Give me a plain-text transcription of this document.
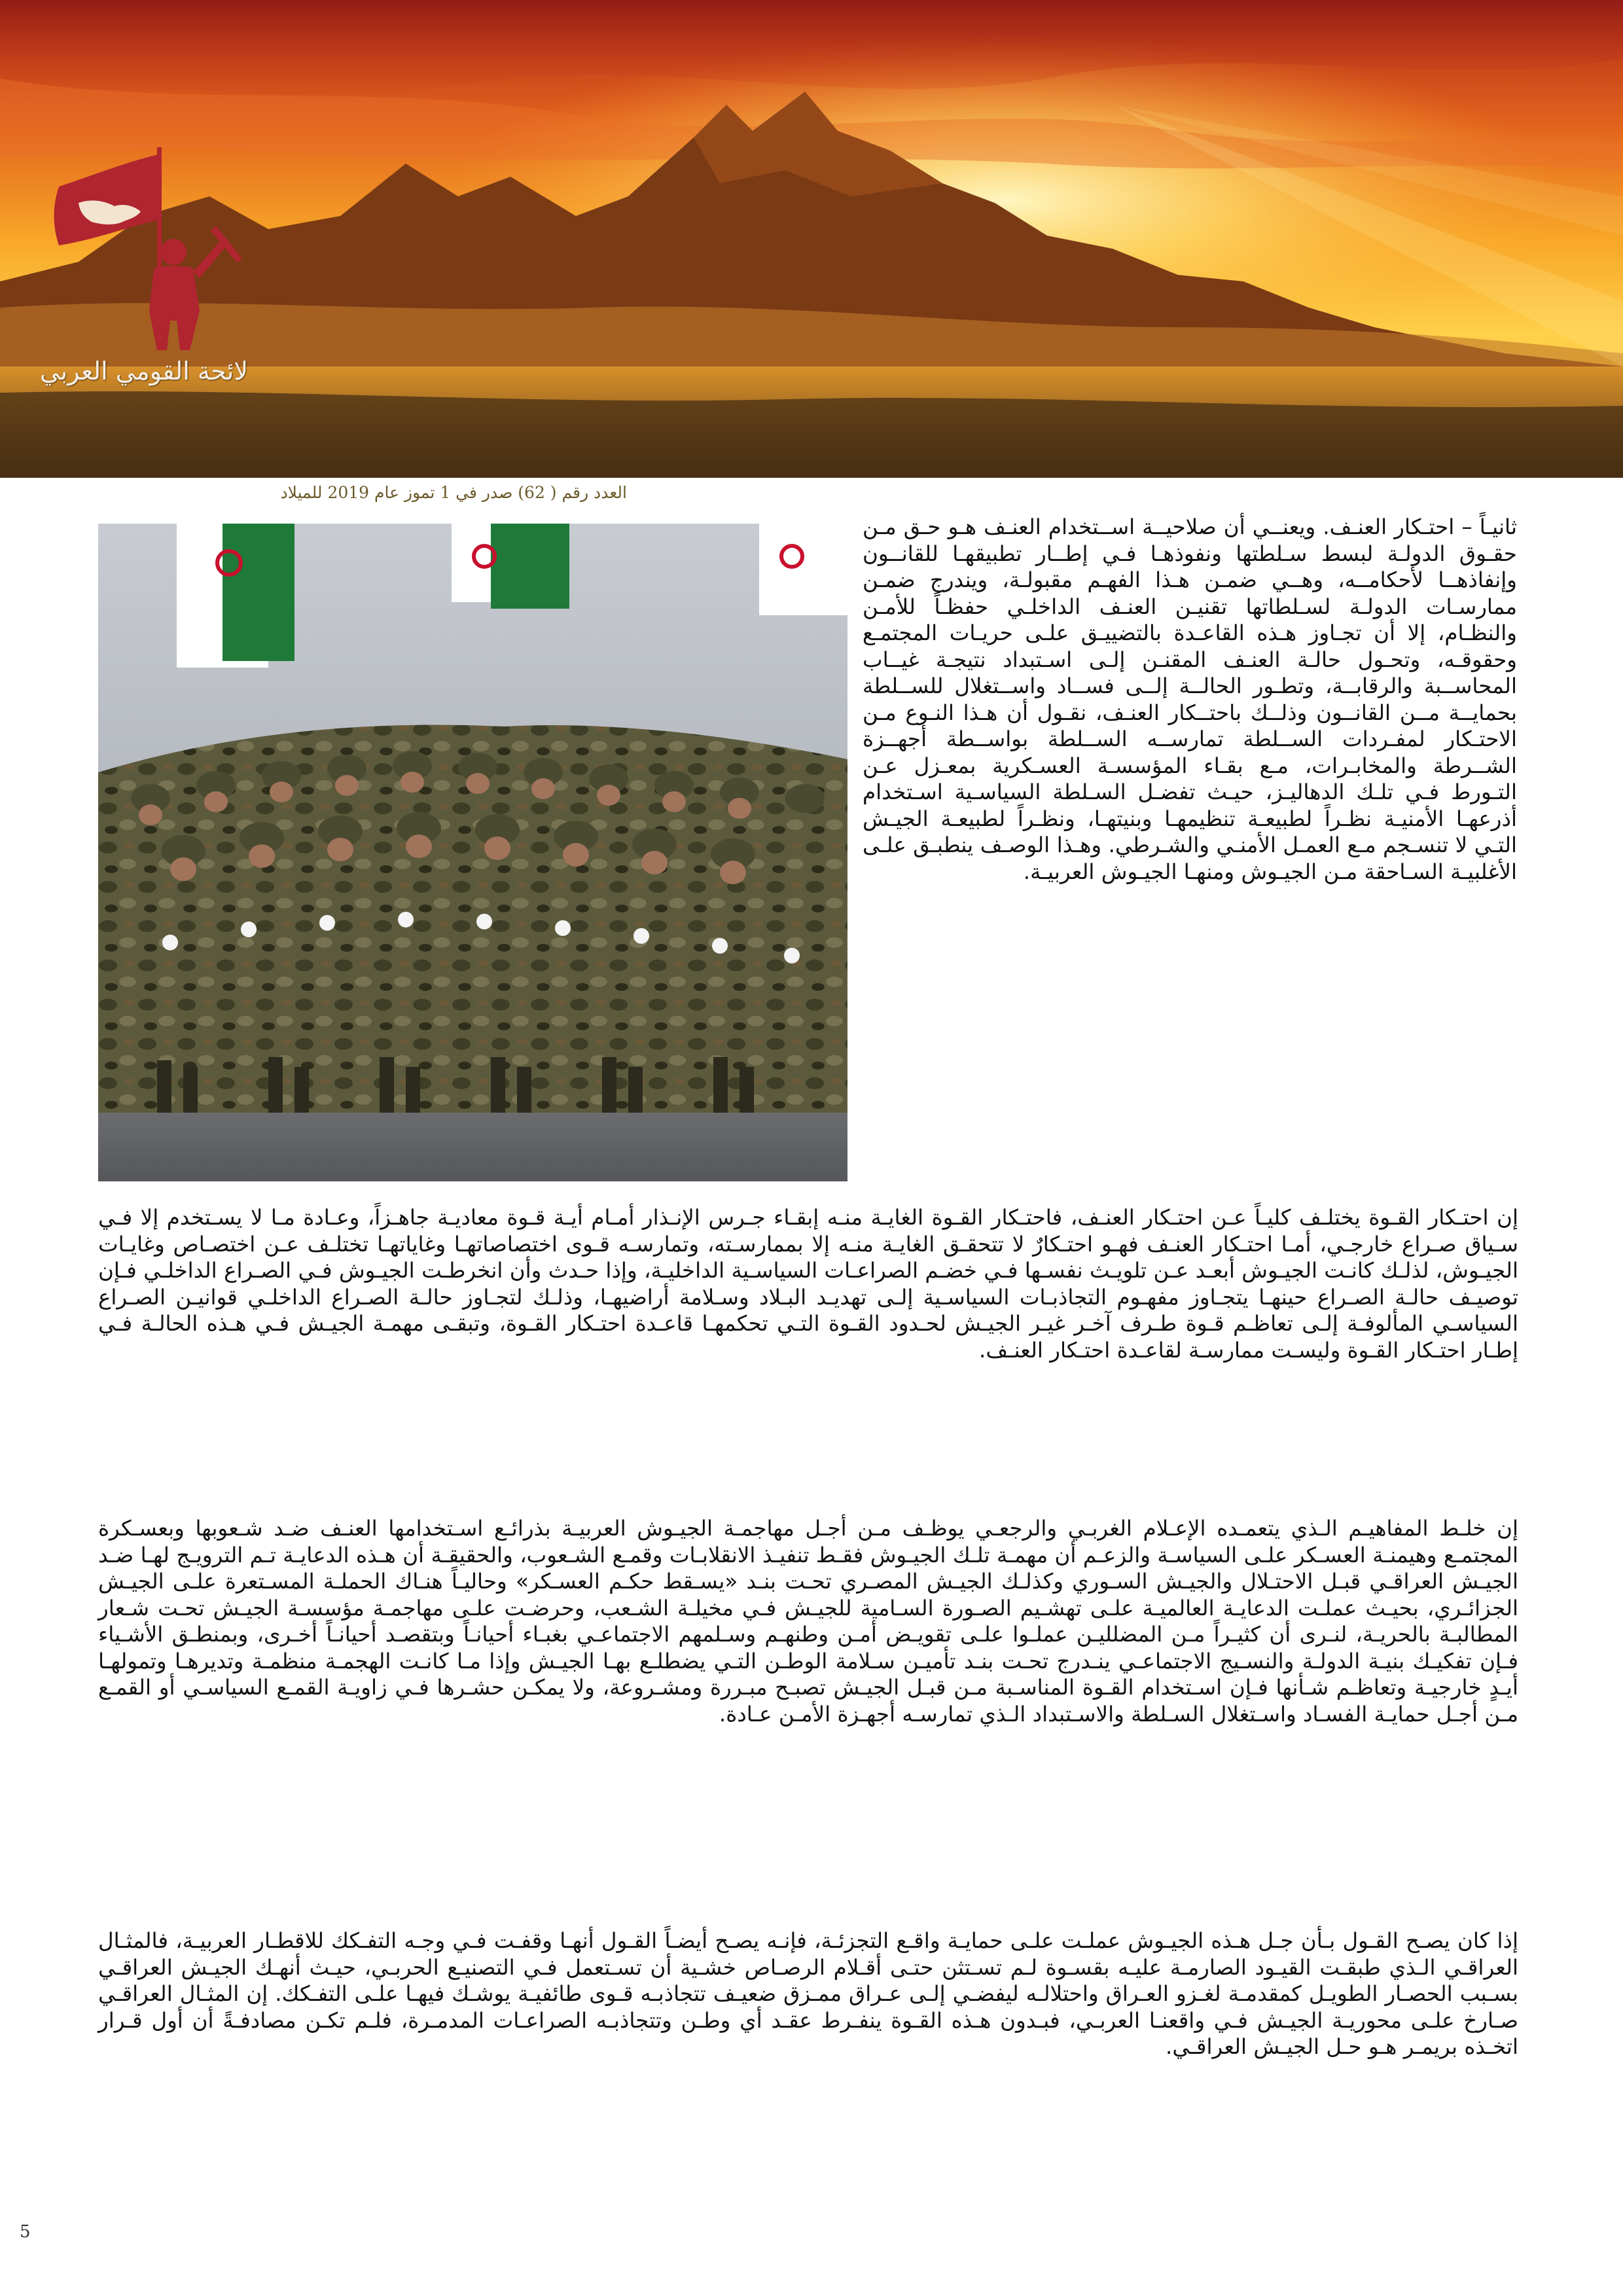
لائحة القومي العربي
العدد رقم ( 62) صدر في 1 تموز عام 2019 للميلاد

ثانيـاً – احتـكار العنـف. ويعنــي أن صلاحيــة اســتخدام العنـف هـو حـق مـن حقـوق الدولـة لبسط سـلطتها ونفوذهـا فـي إطــار تطبيقهـا للقانــون وإنفاذهــا لأحكامــه، وهــي ضمـن هـذا الفهـم مقبولـة، ويندرج ضمـن ممارسـات الدولـة لسـلطاتها تقنيـن العنـف الداخلـي حفظـاً للأمـن والنظـام، إلا أن تجـاوز هـذه القاعـدة بالتضييـق علـى حريـات المجتمـع وحقوقـه، وتحـول حالـة العنـف المقنـن إلـى اسـتبداد نتيجـة غيــاب المحاســبة والرقابــة، وتطـور الحالــة إلــى فســاد واســتغلال للســلطة بحمايــة مــن القانــون وذلــك باحتــكار العنـف، نقـول أن هـذا النـوع مـن الاحتـكار لمفـردات الســلطة تمارســه الســلطة بواســطة أجهــزة الشــرطة والمخابـرات، مـع بقـاء المؤسسـة العسـكرية بمعـزل عـن التـورط فـي تلـك الدهاليـز، حيـث تفضـل السـلطة السياسـية اسـتخدام أذرعهـا الأمنيـة نظـراً لطبيعـة تنظيمهـا وبنيتهـا، ونظـراً لطبيعـة الجيـش التـي لا تنسـجم مـع العمـل الأمنـي والشـرطي. وهـذا الوصـف ينطبـق علـى الأغلبيـة السـاحقة مـن الجيـوش ومنهـا الجيـوش العربيـة.

إن احتـكار القـوة يختلـف كليـاً عـن احتـكار العنـف، فاحتـكار القـوة الغايـة منـه إبقـاء جـرس الإنـذار أمـام أيـة قـوة معاديـة جاهـزاً، وعـادة مـا لا يسـتخدم إلا فـي سـياق صـراع خارجـي، أمـا احتـكار العنـف فهـو احتـكارٌ لا تتحقـق الغايـة منـه إلا بممارسـته، وتمارسـه قـوى اختصاصاتهـا وغاياتهـا تختلـف عـن اختصـاص وغايـات الجيـوش، لذلـك كانـت الجيـوش أبعـد عـن تلويـث نفسـها فـي خضـم الصراعـات السياسـية الداخليـة، وإذا حـدث وأن انخرطـت الجيـوش فـي الصـراع الداخلـي فـإن توصيـف حالـة الصـراع حينهـا يتجـاوز مفهـوم التجاذبـات السياسـية إلـى تهديـد البـلاد وسـلامة أراضيهـا، وذلـك لتجـاوز حالـة الصـراع الداخلـي قوانيـن الصـراع السياسـي المألوفـة إلـى تعاظـم قـوة طـرف آخـر غيـر الجيـش لحـدود القـوة التـي تحكمهـا قاعـدة احتـكار القـوة، وتبقـى مهمـة الجيـش فـي هـذه الحالـة فـي إطـار احتـكار القـوة وليسـت ممارسـة لقاعـدة احتـكار العنـف.

إن خلـط المفاهيـم الـذي يتعمـده الإعـلام الغربـي والرجعـي يوظـف مـن أجـل مهاجمـة الجيـوش العربيـة بذرائـع اسـتخدامها العنـف ضـد شـعوبها وبعسـكرة المجتمـع وهيمنـة العسـكر علـى السياسـة والزعـم أن مهمـة تلـك الجيـوش فقـط تنفيـذ الانقلابـات وقمـع الشـعوب، والحقيقـة أن هـذه الدعايـة تـم الترويـج لهـا ضـد الجيـش العراقـي قبـل الاحتـلال والجيـش السـوري وكذلـك الجيـش المصـري تحـت بنـد «يسـقط حكـم العسـكر» وحاليـاً هنـاك الحملـة المسـتعرة علـى الجيـش الجزائـري، بحيـث عملـت الدعايـة العالميـة علـى تهشـيم الصـورة السـامية للجيـش فـي مخيلـة الشـعب، وحرضـت علـى مهاجمـة مؤسسـة الجيـش تحـت شـعار المطالبـة بالحريـة، لنـرى أن كثيـراً مـن المضلليـن عملـوا علـى تقويـض أمـن وطنهـم وسـلمهم الاجتماعـي بغبـاء أحيانـاً وبتقصـد أحيانـاً أخـرى، وبمنطـق الأشـياء فـإن تفكيـك بنيـة الدولـة والنسـيج الاجتماعـي ينـدرج تحـت بنـد تأميـن سـلامة الوطـن التـي يضطلـع بهـا الجيـش وإذا مـا كانـت الهجمـة منظمـة وتديرهـا وتمولهـا أيـدٍ خارجيـة وتعاظـم شـأنها فـإن اسـتخدام القـوة المناسـبة مـن قبـل الجيـش تصبـح مبـررة ومشـروعة، ولا يمكـن حشـرها فـي زاويـة القمـع السياسـي أو القمـع مـن أجـل حمايـة الفسـاد واسـتغلال السـلطة والاسـتبداد الـذي تمارسـه أجهـزة الأمـن عـادة.

إذا كان يصـح القـول بـأن جـل هـذه الجيـوش عملـت علـى حمايـة واقـع التجزئـة، فإنـه يصـح أيضـاً القـول أنهـا وقفـت فـي وجـه التفـكك للاقطـار العربيـة، فالمثـال العراقـي الـذي طبقـت القيـود الصارمـة عليـه بقسـوة لـم تسـتثن حتـى أقـلام الرصـاص خشـية أن تسـتعمل فـي التصنيـع الحربـي، حيـث أنهـك الجيـش العراقـي بسـبب الحصـار الطويـل كمقدمـة لغـزو العـراق واحتلالـه ليفضـي إلـى عـراق ممـزق ضعيـف تتجاذبـه قـوى طائفيـة يوشـك فيهـا علـى التفـكك. إن المثـال العراقـي صـارخ علـى محوريـة الجيـش فـي واقعنـا العربـي، فبـدون هـذه القـوة ينفـرط عقـد أي وطـن وتتجاذبـه الصراعـات المدمـرة، فلـم تكـن مصادفـةً أن أول قـرار اتخـذه بريمـر هـو حـل الجيـش العراقـي.

5
